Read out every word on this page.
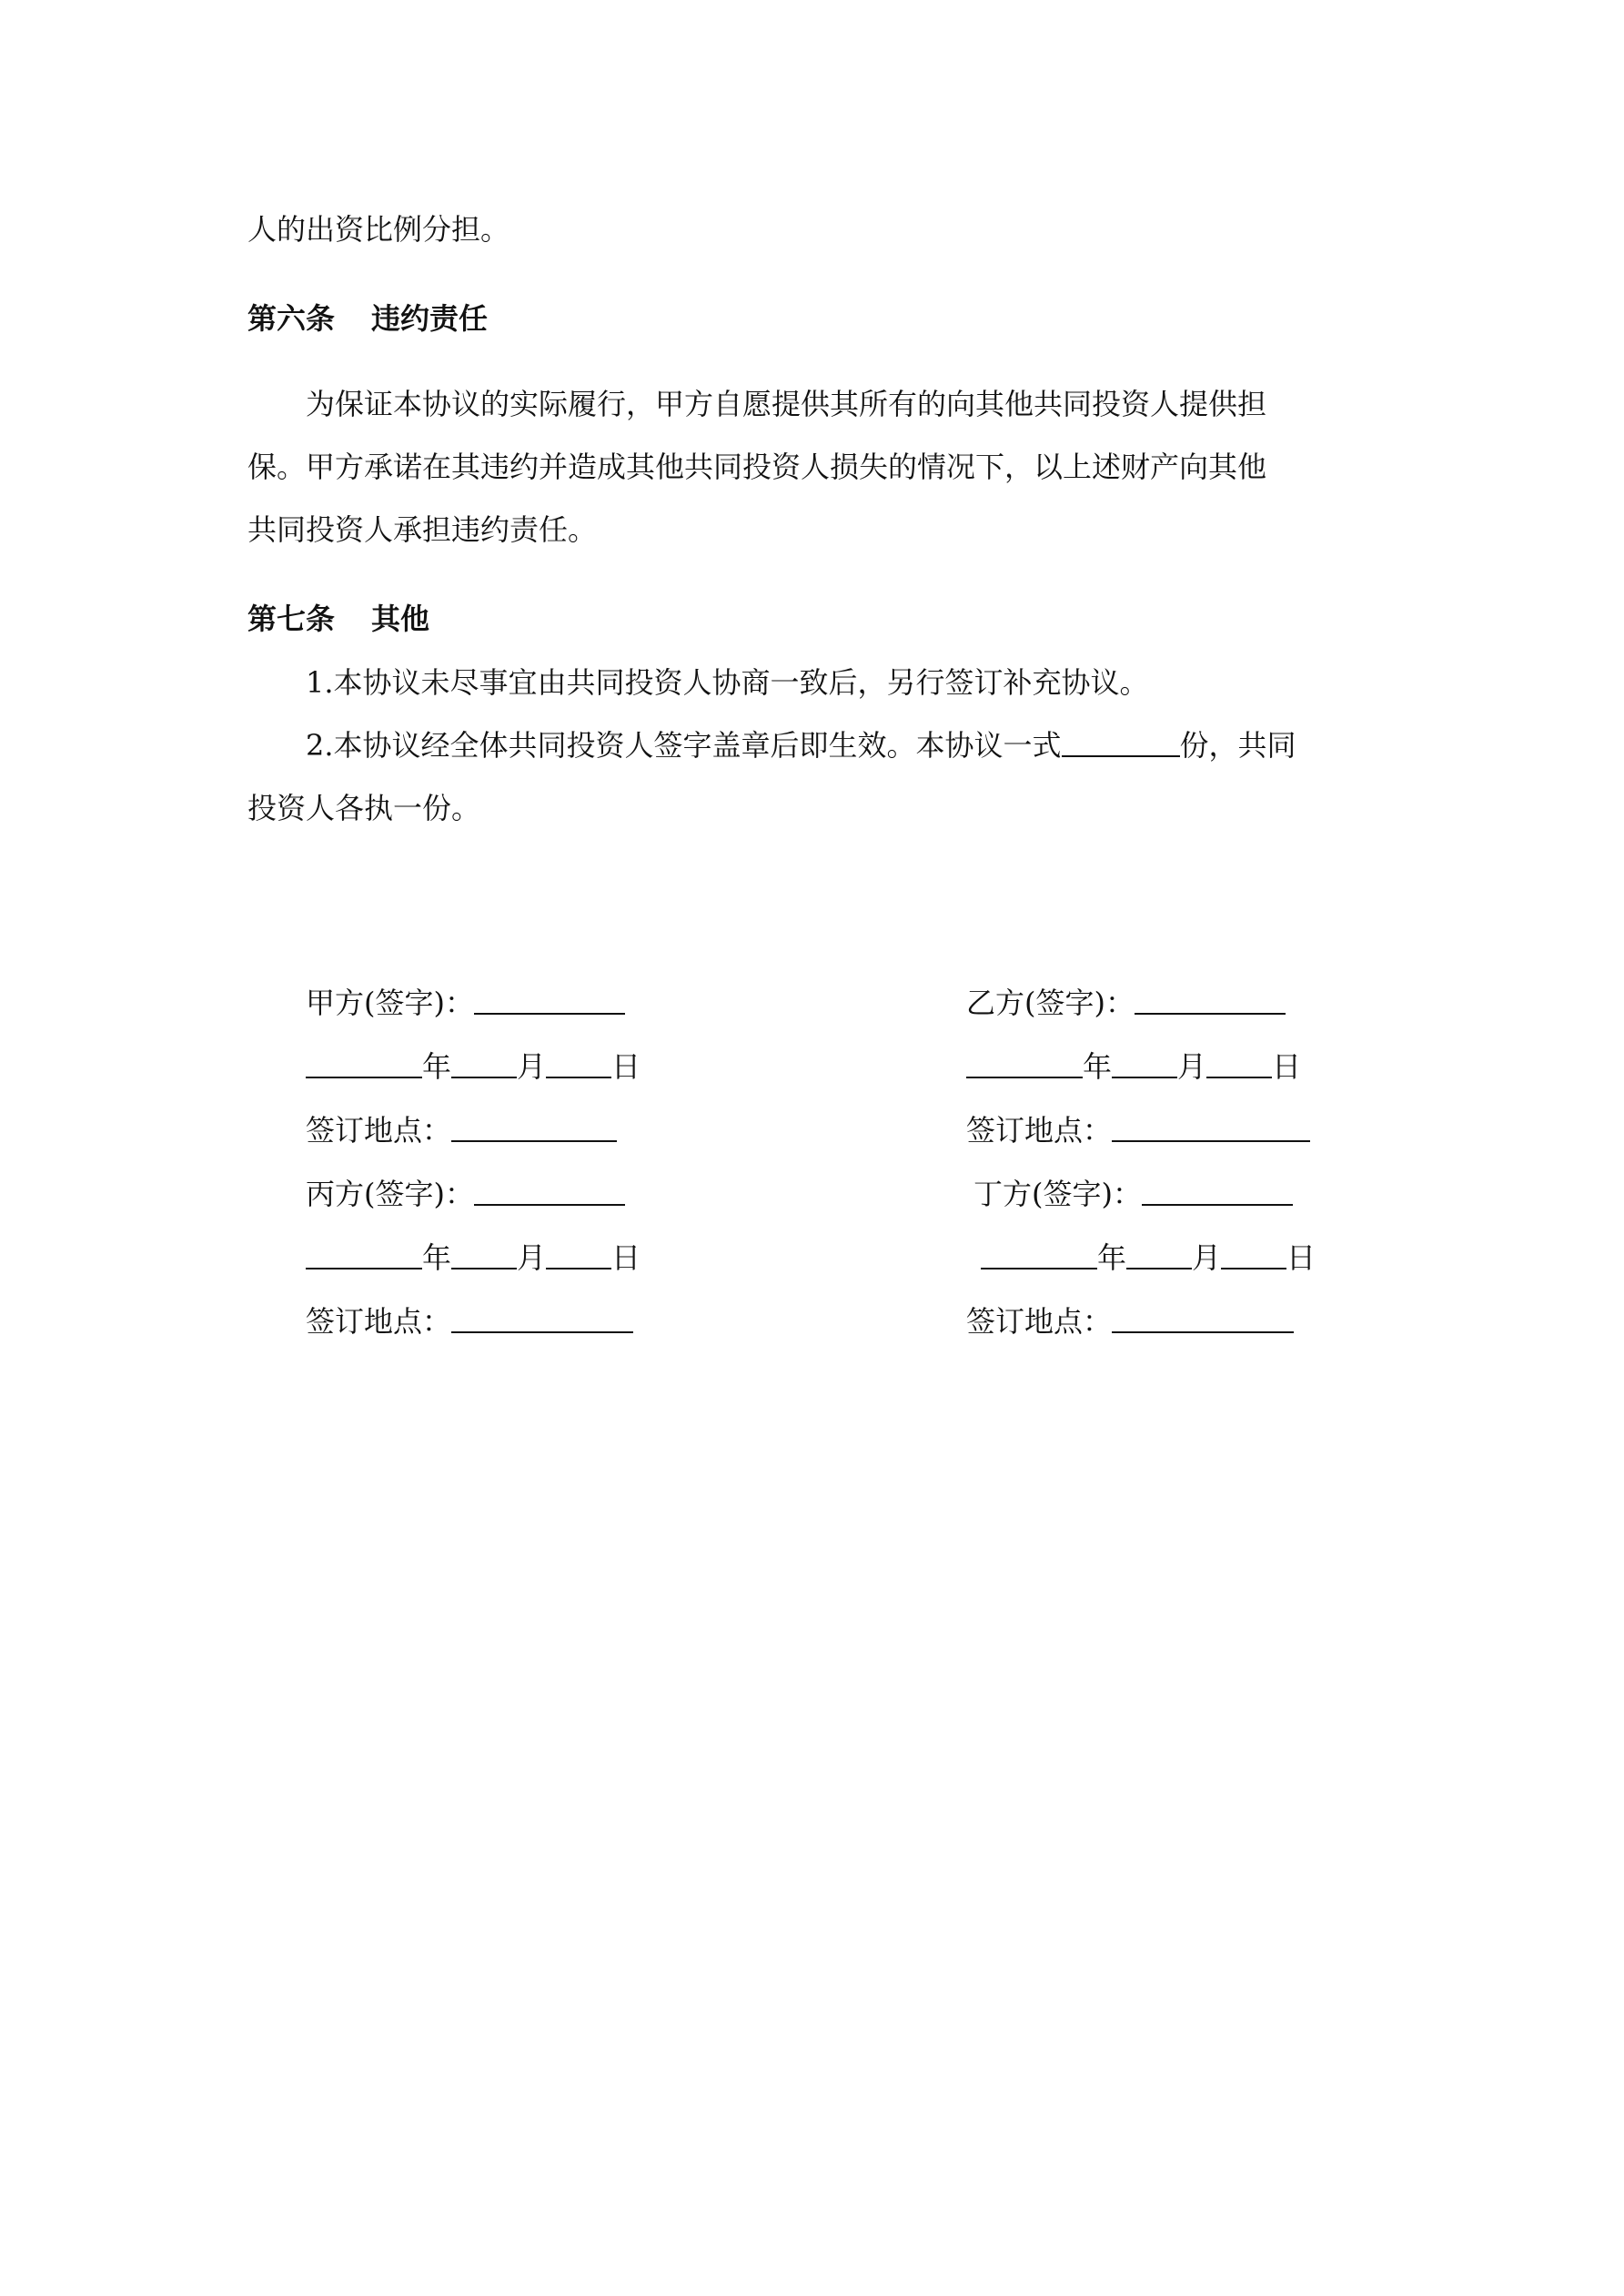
人的出资比例分担。
第六条 违约责任
为保证本协议的实际履行，甲方自愿提供其所有的向其他共同投资人提供担
保。甲方承诺在其违约并造成其他共同投资人损失的情况下，以上述财产向其他
共同投资人承担违约责任。
第七条 其他
1.本协议未尽事宜由共同投资人协商一致后，另行签订补充协议。
2.本协议经全体共同投资人签字盖章后即生效。本协议一式	份，共同
投资人各执一份。
甲方(签字)：
年 月 日
签订地点：
丙方(签字)：
年 月 日
签订地点：
乙方(签字)：
年 月 日
签订地点：
丁方(签字)：
年 月 日
签订地点：
